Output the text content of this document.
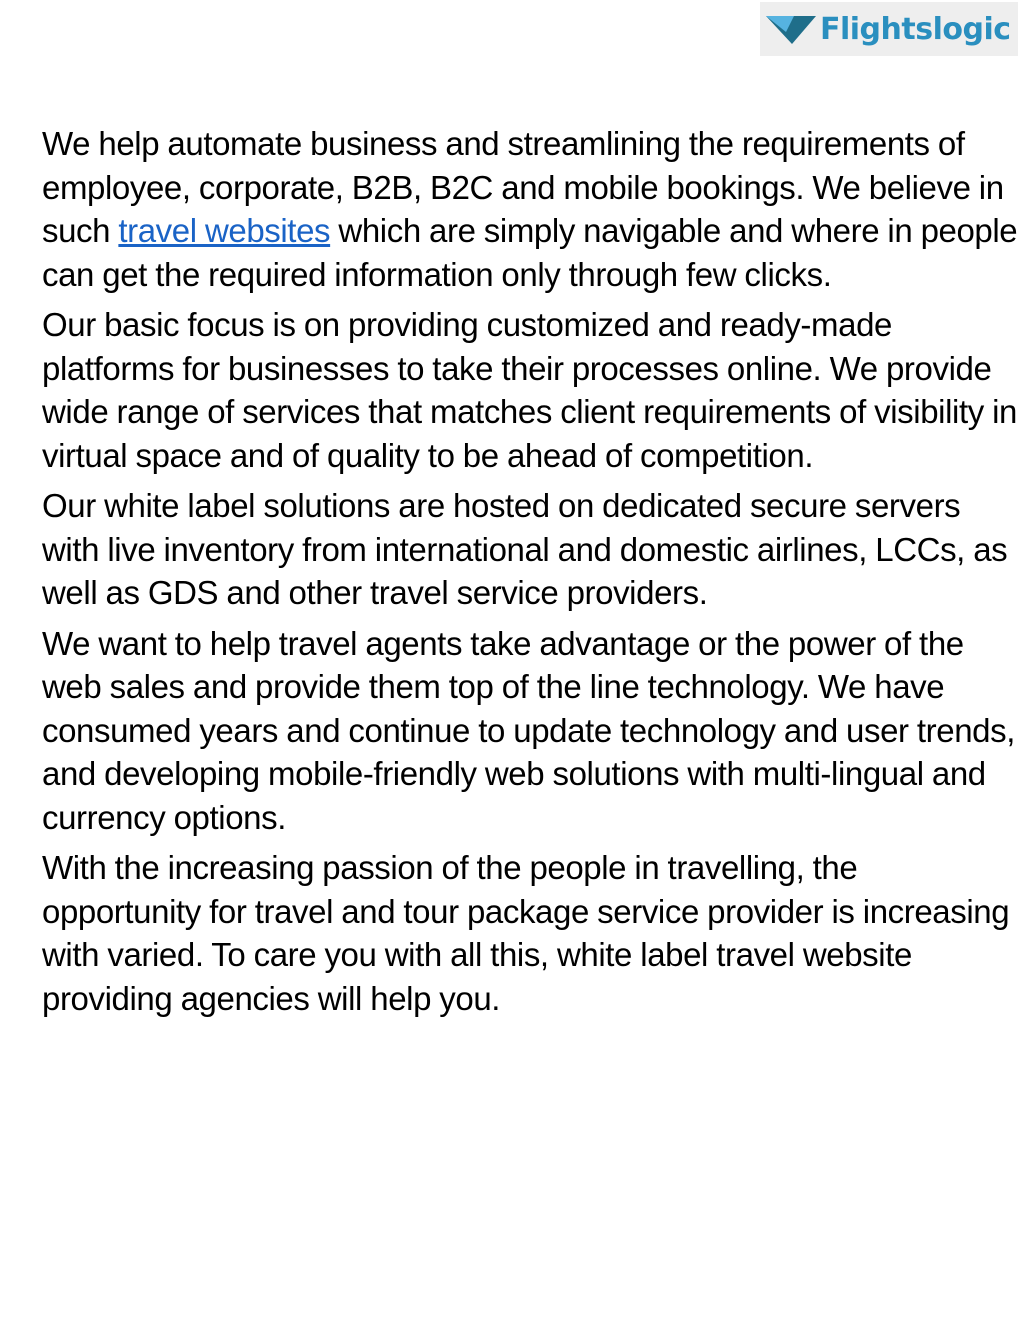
Flightslogic

We help automate business and streamlining the requirements of employee, corporate, B2B, B2C and mobile bookings. We believe in such travel websites which are simply navigable and where in people can get the required information only through few clicks.

Our basic focus is on providing customized and ready-made platforms for businesses to take their processes online. We provide wide range of services that matches client requirements of visibility in virtual space and of quality to be ahead of competition.

Our white label solutions are hosted on dedicated secure servers with live inventory from international and domestic airlines, LCCs, as well as GDS and other travel service providers.

We want to help travel agents take advantage or the power of the web sales and provide them top of the line technology. We have consumed years and continue to update technology and user trends, and developing mobile-friendly web solutions with multi-lingual and currency options.

With the increasing passion of the people in travelling, the opportunity for travel and tour package service provider is increasing with varied. To care you with all this, white label travel website providing agencies will help you.
